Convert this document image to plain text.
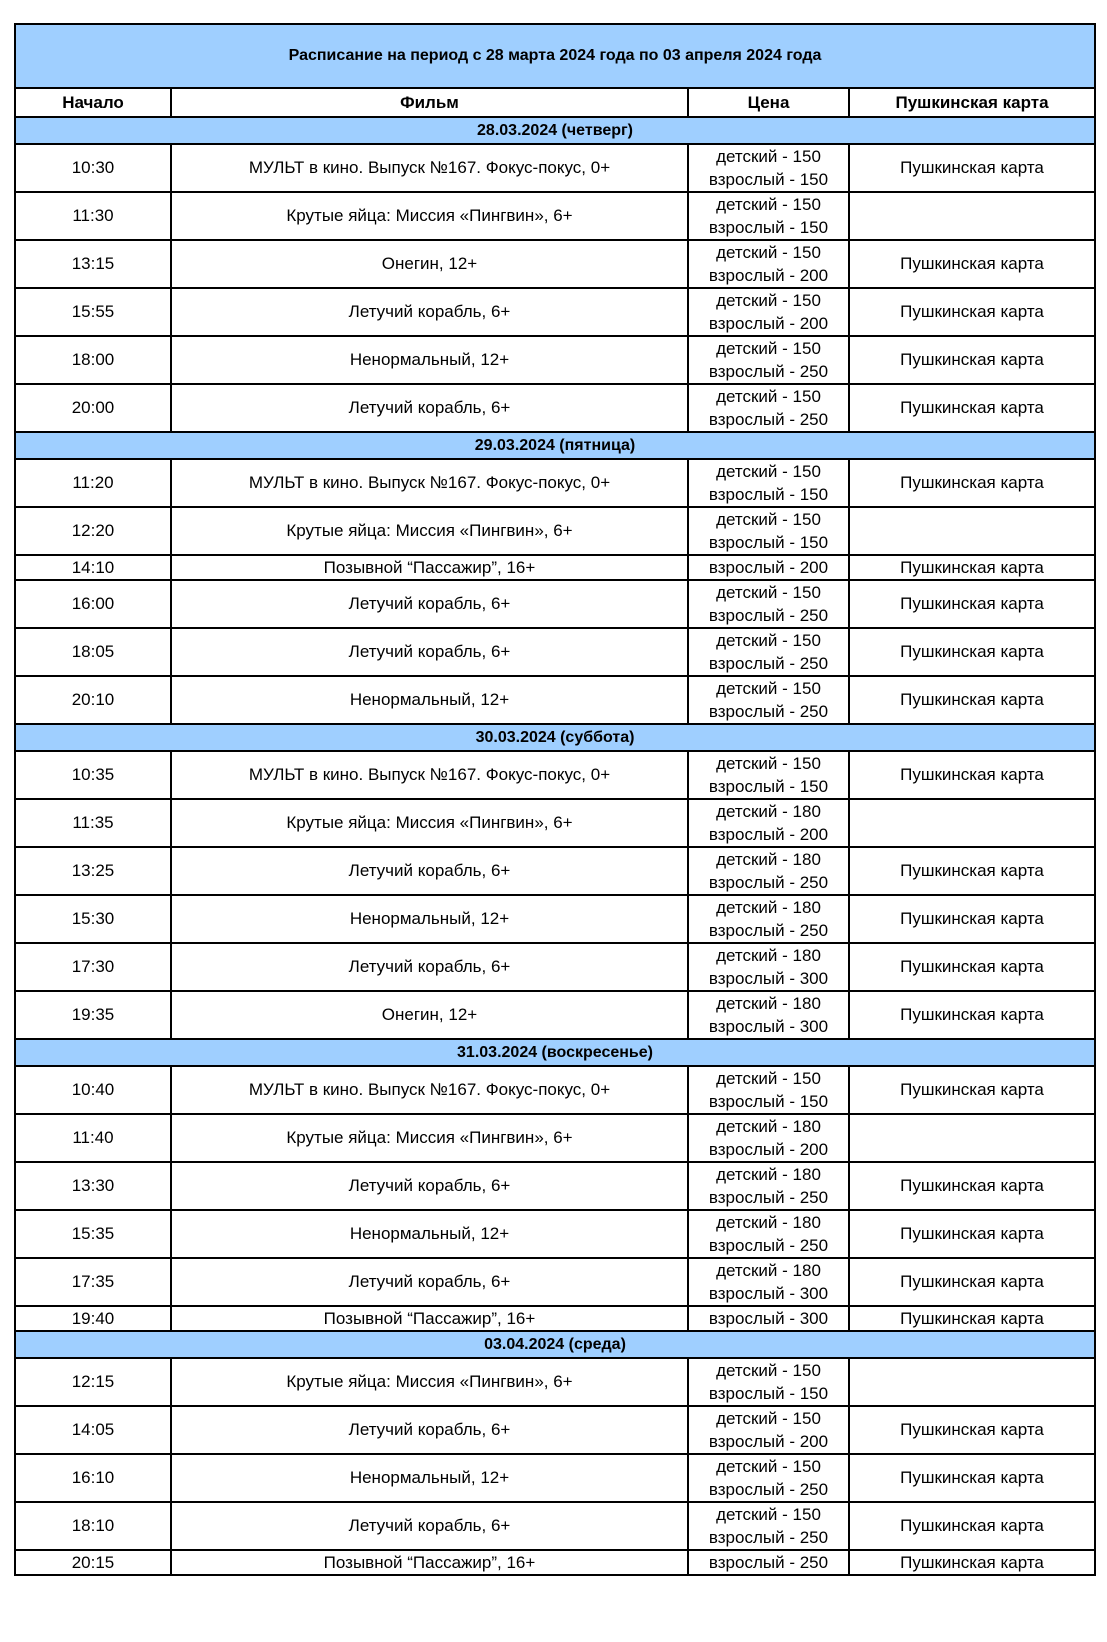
Расписание на период с 28 марта 2024 года по 03 апреля 2024 года			
Начало	Фильм	Цена	Пушкинская карта
28.03.2024 (четверг)			
10:30	МУЛЬТ в кино. Выпуск №167. Фокус-покус, 0+	детский - 150
взрослый - 150	Пушкинская карта
11:30	Крутые яйца: Миссия «Пингвин», 6+	детский - 150
взрослый - 150	

13:15	Онегин, 12+	детский - 150
взрослый - 200	Пушкинская карта
15:55	Летучий корабль, 6+	детский - 150
взрослый - 200	Пушкинская карта
18:00	Ненормальный, 12+	детский - 150
взрослый - 250	Пушкинская карта
20:00	Летучий корабль, 6+	детский - 150
взрослый - 250	Пушкинская карта
29.03.2024 (пятница)			
11:20	МУЛЬТ в кино. Выпуск №167. Фокус-покус, 0+	детский - 150
взрослый - 150	Пушкинская карта
12:20	Крутые яйца: Миссия «Пингвин», 6+	детский - 150
взрослый - 150	

14:10	Позывной “Пассажир”, 16+	взрослый - 200	Пушкинская карта
16:00	Летучий корабль, 6+	детский - 150
взрослый - 250	Пушкинская карта
18:05	Летучий корабль, 6+	детский - 150
взрослый - 250	Пушкинская карта
20:10	Ненормальный, 12+	детский - 150
взрослый - 250	Пушкинская карта
30.03.2024 (суббота)			
10:35	МУЛЬТ в кино. Выпуск №167. Фокус-покус, 0+	детский - 150
взрослый - 150	Пушкинская карта
11:35	Крутые яйца: Миссия «Пингвин», 6+	детский - 180
взрослый - 200	

13:25	Летучий корабль, 6+	детский - 180
взрослый - 250	Пушкинская карта
15:30	Ненормальный, 12+	детский - 180
взрослый - 250	Пушкинская карта
17:30	Летучий корабль, 6+	детский - 180
взрослый - 300	Пушкинская карта
19:35	Онегин, 12+	детский - 180
взрослый - 300	Пушкинская карта
31.03.2024 (воскресенье)			
10:40	МУЛЬТ в кино. Выпуск №167. Фокус-покус, 0+	детский - 150
взрослый - 150	Пушкинская карта
11:40	Крутые яйца: Миссия «Пингвин», 6+	детский - 180
взрослый - 200	

13:30	Летучий корабль, 6+	детский - 180
взрослый - 250	Пушкинская карта
15:35	Ненормальный, 12+	детский - 180
взрослый - 250	Пушкинская карта
17:35	Летучий корабль, 6+	детский - 180
взрослый - 300	Пушкинская карта
19:40	Позывной “Пассажир”, 16+	взрослый - 300	Пушкинская карта
03.04.2024 (среда)			
12:15	Крутые яйца: Миссия «Пингвин», 6+	детский - 150
взрослый - 150	

14:05	Летучий корабль, 6+	детский - 150
взрослый - 200	Пушкинская карта
16:10	Ненормальный, 12+	детский - 150
взрослый - 250	Пушкинская карта
18:10	Летучий корабль, 6+	детский - 150
взрослый - 250	Пушкинская карта
20:15	Позывной “Пассажир”, 16+	взрослый - 250	Пушкинская карта
